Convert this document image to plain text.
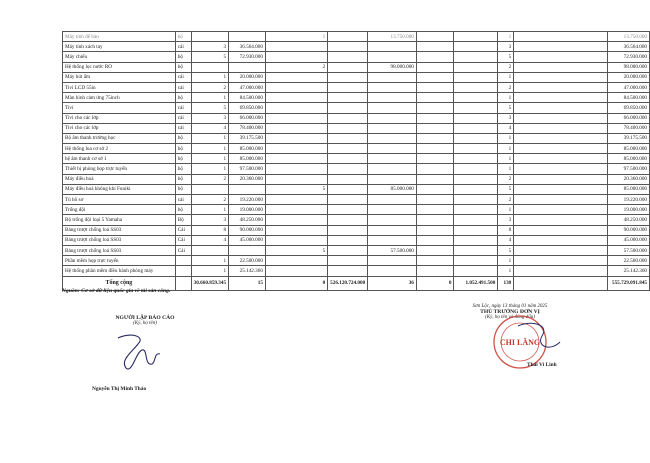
Máy tính để bàn	bộ			1		13.750.000			1		13.750.000
Máy tính xách tay	cái	3	36.564.000						3		36.564.000
Máy chiếu	bộ	5	72.930.000						5		72.930.000
Hệ thống lọc nước RO	bộ			2		98.000.000			2		98.000.000
Máy hút ẩm	cái	1	20.000.000						1		20.000.000
Tivi LCD 55in	cái	2	47.000.000						2		47.000.000
Màn hình cảm ứng 75inch	bộ	1	84.500.000						1		84.500.000
Tivi	cái	5	69.850.000						5		69.850.000
Tivi cho các lớp	cái	3	66.000.000						3		66.000.000
Tivi cho các lớp	cái	4	78.400.000						4		78.400.000
Bộ âm thanh trường học	bộ	1	39.175.500						1		39.175.500
Hệ thống loa cơ sở 2	bộ	1	85.000.000						1		85.000.000
hệ âm thanh cơ sở 1	bộ	1	85.000.000						1		85.000.000
Thiết bị phòng họp trực tuyến	bộ	1	97.500.000						1		97.500.000
Máy điều hoà	bộ	2	20.360.000						2		20.360.000
Máy điều hoà không khí Funiki	bộ			5		85.000.000			5		85.000.000
Tủ hồ sơ	cái	2	19.220.000						2		19.220.000
Trống đội	bộ	1	19.000.000						1		19.000.000
Bộ trống đội loại 5 Yamaha	Bộ	3	48.250.000						3		48.250.000
Bảng trượt chống loá SS03	Cái	8	90.000.000						8		90.000.000
Bảng trượt chống loá SS03	Cái	4	45.000.000						4		45.000.000
Bảng trượt chống loá SS03	Cái			5		57.500.000			5		57.500.000
Phần mềm họp trực tuyến		1	22.500.000						1		22.500.000
Hệ thống phần mềm điều hành phòng máy		1	25.142.360						1		25.142.360
Tổng cộng		30.660.859.345	15	0	526.120.724.000	36	0	1.052.491.500	130		555.729.091.845
Nguồn: Cơ sở dữ liệu quốc gia về tài sản công.
NGƯỜI LẬP BÁO CÁO
(Ký, họ tên)
Nguyễn Thị Minh Thảo
Sơn Lộc, ngày 13 tháng 01 năm 2025
THỦ TRƯỞNG ĐƠN VỊ
(Ký, họ tên và đóng dấu)
CHI LĂNG
Thái Vi Linh
